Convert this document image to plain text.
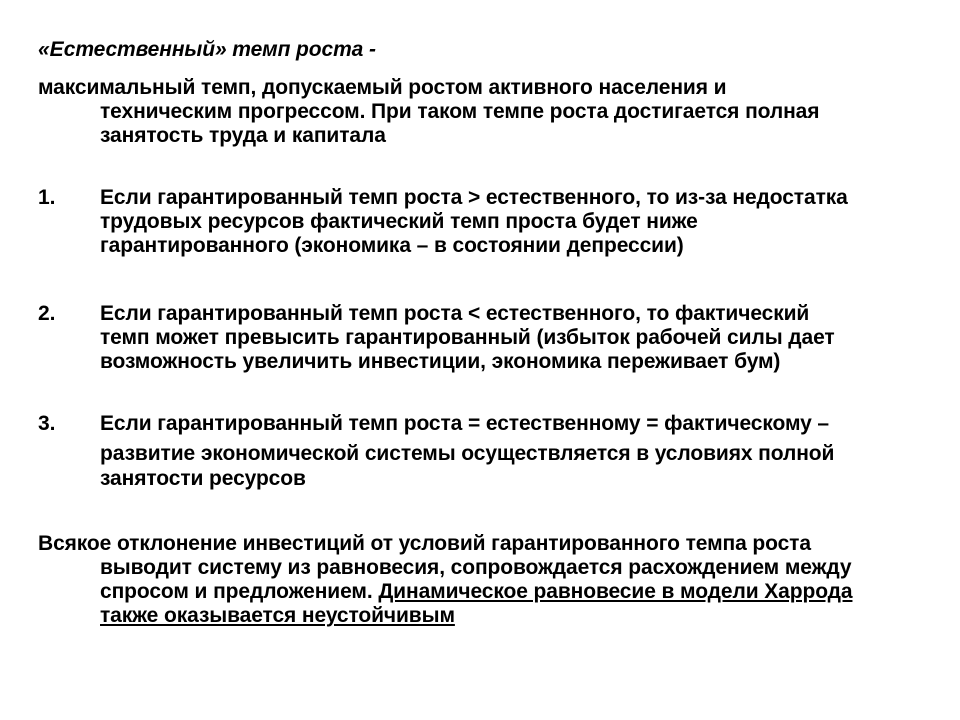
«Естественный» темп роста -
максимальный темп, допускаемый ростом активного населения и
техническим прогрессом. При таком темпе роста достигается полная
занятость труда и капитала
1. Если гарантированный темп роста > естественного, то из-за недостатка
трудовых ресурсов фактический темп проста будет ниже
гарантированного (экономика – в состоянии депрессии)
2. Если гарантированный темп роста < естественного, то фактический
темп может превысить гарантированный (избыток рабочей силы дает
возможность увеличить инвестиции, экономика переживает бум)
3. Если гарантированный темп роста = естественному = фактическому –
развитие экономической системы осуществляется в условиях полной
занятости ресурсов
Всякое отклонение инвестиций от условий гарантированного темпа роста
выводит систему из равновесия, сопровождается расхождением между
спросом и предложением. Динамическое равновесие в модели Харрода
также оказывается неустойчивым
